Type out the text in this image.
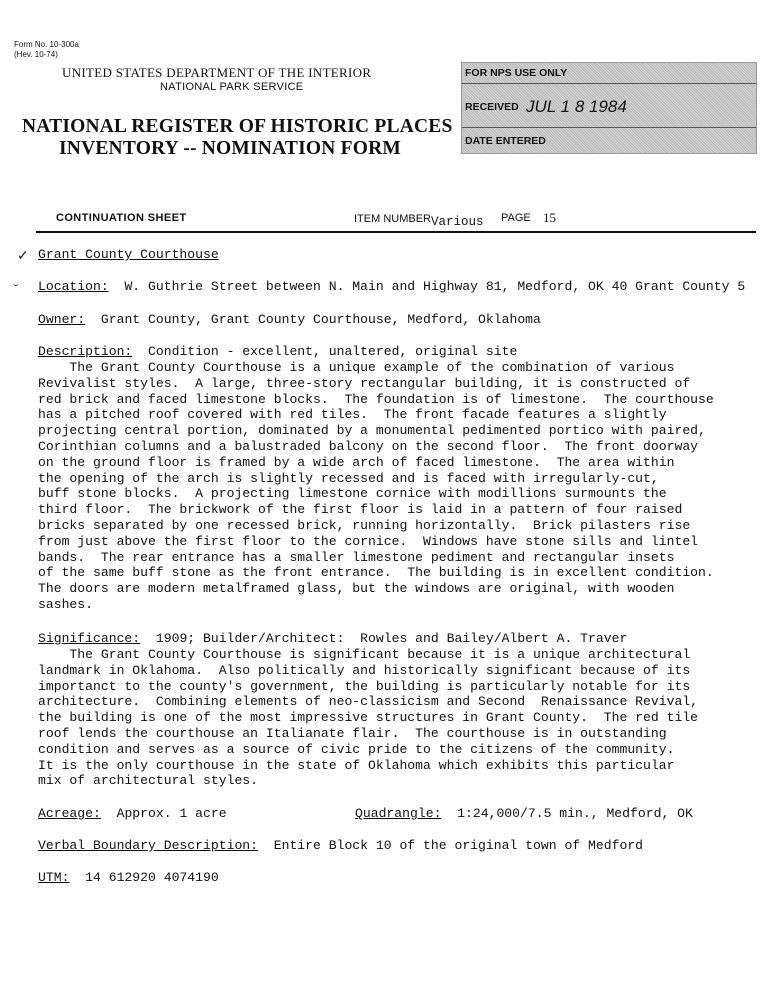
Form No. 10-300a
(Hev. 10-74)
UNITED STATES DEPARTMENT OF THE INTERIOR
NATIONAL PARK SERVICE
NATIONAL REGISTER OF HISTORIC PLACES
INVENTORY -- NOMINATION FORM
FOR NPS USE ONLY
RECEIVED JUL 1 8 1984
DATE ENTERED
CONTINUATION SHEET	ITEM NUMBERVarious PAGE 15
✓ Grant County Courthouse
˘ Location: W. Guthrie Street between N. Main and Highway 81, Medford, OK 40 Grant County 5
Owner: Grant County, Grant County Courthouse, Medford, Oklahoma
Description: Condition - excellent, unaltered, original site
The Grant County Courthouse is a unique example of the combination of various
Revivalist styles.  A large, three-story rectangular building, it is constructed of
red brick and faced limestone blocks.  The foundation is of limestone.  The courthouse
has a pitched roof covered with red tiles.  The front facade features a slightly
projecting central portion, dominated by a monumental pedimented portico with paired,
Corinthian columns and a balustraded balcony on the second floor.  The front doorway
on the ground floor is framed by a wide arch of faced limestone.  The area within
the opening of the arch is slightly recessed and is faced with irregularly-cut,
buff stone blocks.  A projecting limestone cornice with modillions surmounts the
third floor.  The brickwork of the first floor is laid in a pattern of four raised
bricks separated by one recessed brick, running horizontally.  Brick pilasters rise
from just above the first floor to the cornice.  Windows have stone sills and lintel
bands.  The rear entrance has a smaller limestone pediment and rectangular insets
of the same buff stone as the front entrance.  The building is in excellent condition.
The doors are modern metalframed glass, but the windows are original, with wooden
sashes.
Significance: 1909; Builder/Architect:  Rowles and Bailey/Albert A. Traver
The Grant County Courthouse is significant because it is a unique architectural
landmark in Oklahoma.  Also politically and historically significant because of its
importanct to the county's government, the building is particularly notable for its
architecture.  Combining elements of neo-classicism and Second  Renaissance Revival,
the building is one of the most impressive structures in Grant County.  The red tile
roof lends the courthouse an Italianate flair.  The courthouse is in outstanding
condition and serves as a source of civic pride to the citizens of the community.
It is the only courthouse in the state of Oklahoma which exhibits this particular
mix of architectural styles.
Acreage: Approx. 1 acre	Quadrangle: 1:24,000/7.5 min., Medford, OK
Verbal Boundary Description: Entire Block 10 of the original town of Medford
UTM: 14 612920 4074190
